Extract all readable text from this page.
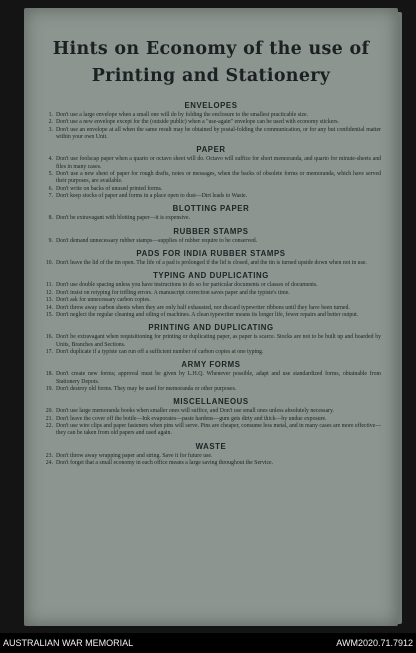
Hints on Economy of the use of
Printing and Stationery
ENVELOPES
1. Don't use a large envelope when a small one will do by folding the enclosure to the smallest practicable size.
2. Don't use a new envelope except for the (outside public) when a "use-again" envelope can be used with economy stickers.
3. Don't use an envelope at all when the same result may be obtained by postal-folding the communication, or for any but confidential matter within your own Unit.
PAPER
4. Don't use foolscap paper when a quarto or octavo sheet will do. Octavo will suffice for short memoranda, and quarto for minute-sheets and files in many cases.
5. Don't use a new sheet of paper for rough drafts, notes or messages, when the backs of obsolete forms or memoranda, which have served their purposes, are available.
6. Don't write on backs of unused printed forms.
7. Don't keep stocks of paper and forms in a place open to dust—Dirt leads to Waste.
BLOTTING PAPER
8. Don't be extravagant with blotting paper—it is expensive.
RUBBER STAMPS
9. Don't demand unnecessary rubber stamps—supplies of rubber require to be conserved.
PADS FOR INDIA RUBBER STAMPS
10. Don't leave the lid of the tin open. The life of a pad is prolonged if the lid is closed, and the tin is turned upside down when not in use.
TYPING AND DUPLICATING
11. Don't use double spacing unless you have instructions to do so for particular documents or classes of documents.
12. Don't insist on retyping for trifling errors. A manuscript correction saves paper and the typiste's time.
13. Don't ask for unnecessary carbon copies.
14. Don't throw away carbon sheets when they are only half exhausted, nor discard typewriter ribbons until they have been turned.
15. Don't neglect the regular cleaning and oiling of machines. A clean typewriter means its longer life, fewer repairs and better output.
PRINTING AND DUPLICATING
16. Don't be extravagant when requisitioning for printing or duplicating paper, as paper is scarce. Stocks are not to be built up and hoarded by Units, Branches and Sections.
17. Don't duplicate if a typiste can run off a sufficient number of carbon copies at one typing.
ARMY FORMS
18. Don't create new forms; approval must be given by L.H.Q. Whenever possible, adapt and use standardized forms, obtainable from Stationery Depots.
19. Don't destroy old forms. They may be used for memoranda or other purposes.
MISCELLANEOUS
20. Don't use large memoranda books when smaller ones will suffice, and Don't use small ones unless absolutely necessary.
21. Don't leave the cover off the bottle—Ink evaporates—paste hardens—gum gets dirty and thick—by undue exposure.
22. Don't use wire clips and paper fasteners when pins will serve. Pins are cheaper, consume less metal, and in many cases are more effective—they can be taken from old papers and used again.
WASTE
23. Don't throw away wrapping paper and string. Save it for future use.
24. Don't forget that a small economy in each office means a large saving throughout the Service.
AUSTRALIAN WAR MEMORIAL	AWM2020.71.7912
